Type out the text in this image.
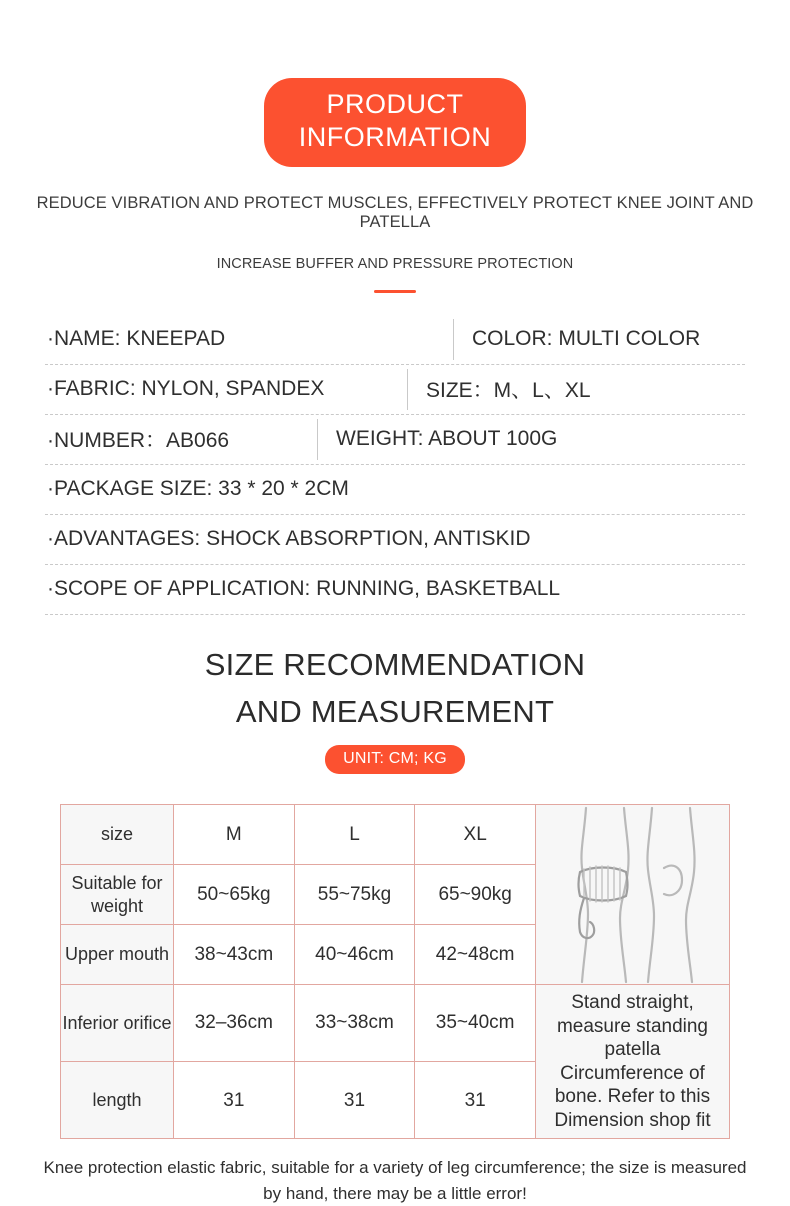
PRODUCT
INFORMATION
REDUCE VIBRATION AND PROTECT MUSCLES, EFFECTIVELY PROTECT KNEE JOINT AND PATELLA
INCREASE BUFFER AND PRESSURE PROTECTION
·NAME: KNEEPAD	COLOR: MULTI COLOR
·FABRIC: NYLON, SPANDEX	SIZE：M、L、XL
·NUMBER：AB066	WEIGHT: ABOUT 100G
·PACKAGE SIZE: 33 * 20 * 2CM
·ADVANTAGES: SHOCK ABSORPTION, ANTISKID
·SCOPE OF APPLICATION: RUNNING, BASKETBALL
SIZE RECOMMENDATION
AND MEASUREMENT
UNIT: CM; KG
size	M	L	XL	

Suitable for weight	50~65kg	55~75kg	65~90kg	
Upper mouth	38~43cm	40~46cm	42~48cm	
Inferior orifice	32–36cm	33~38cm	35~40cm	Stand straight, measure standing patella Circumference of bone. Refer to this Dimension shop fit
length	31	31	31	
Knee protection elastic fabric, suitable for a variety of leg circumference; the size is measured by hand, there may be a little error!
